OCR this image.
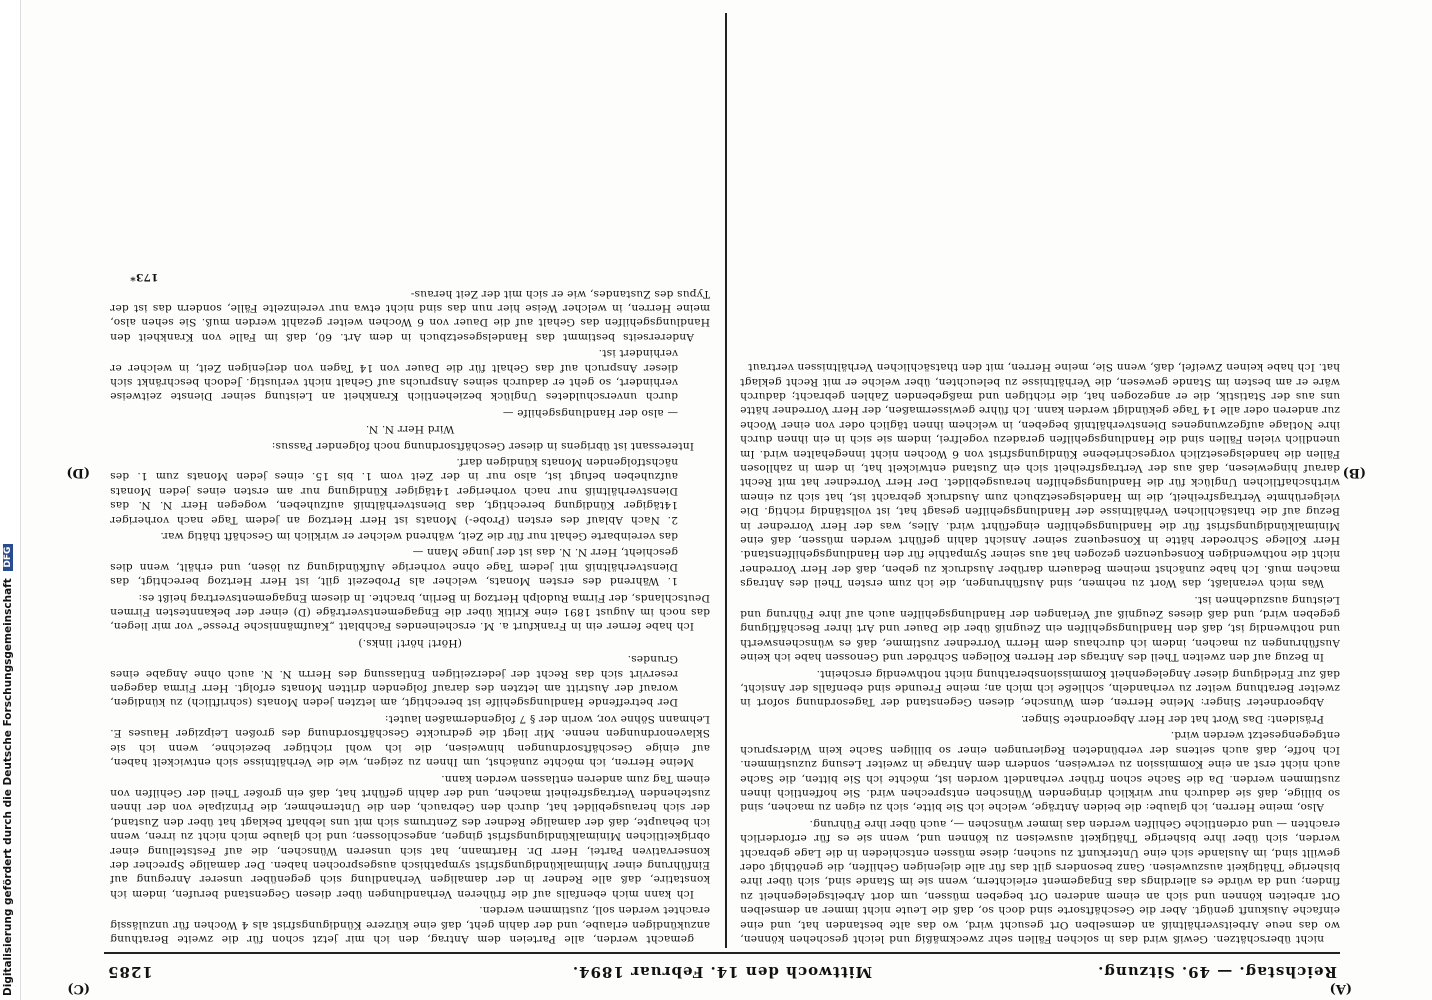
Digitalisierung gefördert durch die Deutsche Forschungsgemeinschaft DFG
Reichstag. — 49. Sitzung.
Mittwoch den 14. Februar 1894.
1285
(A)
(B)
(C)
(D)

nicht überschätzen. Gewiß wird das in solchen Fällen sehr zweckmäßig und leicht geschehen können, wo das neue Arbeitsverhältniß an demselben Ort gesucht wird, wo das alte bestanden hat, und eine einfache Auskunft genügt. Aber die Geschäftsorte sind doch so, daß die Leute nicht immer an demselben Ort arbeiten können und sich an einem anderen Ort begeben müssen, um dort Arbeitsgelegenheit zu finden; und da würde es allerdings das Engagement erleichtern, wenn sie im Stande sind, sich über ihre bisherige Thätigkeit auszuweisen. Ganz besonders gilt das für alle diejenigen Gehilfen, die genöthigt oder gewillt sind, im Auslande sich eine Unterkunft zu suchen; diese müssen entschieden in die Lage gebracht werden, sich über ihre bisherige Thätigkeit ausweisen zu können und, wenn sie es für erforderlich erachten — und ordentliche Gehilfen werden das immer wünschen —, auch über ihre Führung.

Also, meine Herren, ich glaube: die beiden Anträge, welche ich Sie bitte, sich zu eigen zu machen, sind so billige, daß sie dadurch nur wirklich dringenden Wünschen entsprechen wird. Sie hoffentlich ihnen zustimmen werden. Da die Sache schon früher verhandelt worden ist, möchte ich Sie bitten, die Sache auch nicht erst an eine Kommission zu verweisen, sondern dem Antrage in zweiter Lesung zuzustimmen. Ich hoffe, daß auch seitens der verbündeten Regierungen einer so billigen Sache kein Widerspruch entgegengesetzt werden wird.

Präsident: Das Wort hat der Herr Abgeordnete Singer.

Abgeordneter Singer: Meine Herren, dem Wunsche, diesen Gegenstand der Tagesordnung sofort in zweiter Berathung weiter zu verhandeln, schließe ich mich an; meine Freunde sind ebenfalls der Ansicht, daß zur Erledigung dieser Angelegenheit Kommissionsberathung nicht nothwendig erscheint.

In Bezug auf den zweiten Theil des Antrags der Herren Kollegen Schröder und Genossen habe ich keine Ausführungen zu machen, indem ich durchaus dem Herrn Vorredner zustimme, daß es wünschenswerth und nothwendig ist, daß den Handlungsgehilfen ein Zeugniß über die Dauer und Art ihrer Beschäftigung gegeben wird, und daß dieses Zeugniß auf Verlangen der Handlungsgehilfen auch auf ihre Führung und Leistung auszudehnen ist.

Was mich veranlaßt, das Wort zu nehmen, sind Ausführungen, die ich zum ersten Theil des Antrags machen muß. Ich habe zunächst meinem Bedauern darüber Ausdruck zu geben, daß der Herr Vorredner nicht die nothwendigen Konsequenzen gezogen hat aus seiner Sympathie für den Handlungsgehilfenstand. Herr Kollege Schroeder hätte in Konsequenz seiner Ansicht dahin geführt werden müssen, daß eine Minimalkündigungsfrist für die Handlungsgehilfen eingeführt wird. Alles, was der Herr Vorredner in Bezug auf die thatsächlichen Verhältnisse der Handlungsgehilfen gesagt hat, ist vollständig richtig. Die vielgerühmte Vertragsfreiheit, die im Handelsgesetzbuch zum Ausdruck gebracht ist, hat sich zu einem wirthschaftlichen Unglück für die Handlungsgehilfen herausgebildet. Der Herr Vorredner hat mit Recht darauf hingewiesen, daß aus der Vertragsfreiheit sich ein Zustand entwickelt hat, in dem in zahllosen Fällen die handelsgesetzlich vorgeschriebene Kündigungsfrist von 6 Wochen nicht innegehalten wird. Im unendlich vielen Fällen sind die Handlungsgehilfen geradezu vogelfrei, indem sie sich in ein ihnen durch ihre Notlage aufgezwungenes Dienstverhältniß begeben, in welchem ihnen täglich oder von einer Woche zur anderen oder alle 14 Tage gekündigt werden kann. Ich führe gewissermaßen, der Herr Vorredner hätte uns aus der Statistik, die er angezogen hat, die richtigen und maßgebenden Zahlen gebracht; dadurch wäre er am besten im Stande gewesen, die Verhältnisse zu beleuchten, über welche er mit Recht geklagt hat. Ich habe keinen Zweifel, daß, wenn Sie, meine Herren, mit den thatsächlichen Verhältnissen vertraut

gemacht werden, alle Parteien dem Antrag, den ich mir jetzt schon für die zweite Berathung anzukündigen erlaube, und der dahin geht, daß eine kürzere Kündigungsfrist als 4 Wochen für unzulässig erachtet werden soll, zustimmen werden.

Ich kann mich ebenfalls auf die früheren Verhandlungen über diesen Gegenstand berufen, indem ich konstatire, daß alle Redner in der damaligen Verhandlung sich gegenüber unserer Anregung auf Einführung einer Minimalkündigungsfrist sympathisch ausgesprochen haben. Der damalige Sprecher der konservativen Partei, Herr Dr. Hartmann, hat sich unseren Wünschen, die auf Feststellung einer obrigkeitlichen Minimalkündigungsfrist gingen, angeschlossen; und ich glaube mich nicht zu irren, wenn ich behaupte, daß der damalige Redner des Zentrums sich mit uns lebhaft beklagt hat über den Zustand, der sich herausgebildet hat, durch den Gebrauch, den die Unternehmer, die Prinzipale von der ihnen zustehenden Vertragsfreiheit machen, und der dahin geführt hat, daß ein großer Theil der Gehilfen von einem Tag zum anderen entlassen werden kann.

Meine Herren, ich möchte zunächst, um Ihnen zu zeigen, wie die Verhältnisse sich entwickelt haben, auf einige Geschäftsordnungen hinweisen, die ich wohl richtiger bezeichne, wenn ich sie Sklavenordnungen nenne. Mir liegt die gedruckte Geschäftsordnung des großen Leipziger Hauses E. Lehmann Söhne vor, worin der § 7 folgendermaßen lautet:

Der betreffende Handlungsgehilfe ist berechtigt, am letzten jeden Monats (schriftlich) zu kündigen, worauf der Austritt am letzten des darauf folgenden dritten Monats erfolgt. Herr Firma dagegen reservirt sich das Recht der jederzeitigen Entlassung des Herrn N. N. auch ohne Angabe eines Grundes.

(Hört! hört! links.)

Ich habe ferner ein in Frankfurt a. M. erscheinendes Fachblatt „Kaufmännische Presse“ vor mir liegen, das noch im August 1891 eine Kritik über die Engagementsverträge (D) einer der bekanntesten Firmen Deutschlands, der Firma Rudolph Hertzog in Berlin, brachte. In diesem Engagementsvertrag heißt es:

1. Während des ersten Monats, welcher als Probezeit gilt, ist Herr Hertzog berechtigt, das Dienstverhältniß mit jedem Tage ohne vorherige Aufkündigung zu lösen, und erhält, wenn dies geschieht, Herr N. N. das ist der junge Mann —

das vereinbarte Gehalt nur für die Zeit, während welcher er wirklich im Geschäft thätig war.

2. Nach Ablauf des ersten (Probe-) Monats ist Herr Hertzog an jedem Tage nach vorheriger 14tägiger Kündigung berechtigt, das Dienstverhältniß aufzuheben, wogegen Herr N. N. das Dienstverhältniß nur nach vorheriger 14tägiger Kündigung nur am ersten eines jeden Monats aufzuheben befugt ist, also nur in der Zeit vom 1. bis 15. eines jeden Monats zum 1. des nächstfolgenden Monats kündigen darf.

Interessant ist übrigens in dieser Geschäftsordnung noch folgender Passus:

Wird Herr N. N.

— also der Handlungsgehilfe —

durch unverschuldetes Unglück beziehentlich Krankheit an Leistung seiner Dienste zeitweise verhindert, so geht er dadurch seines Anspruchs auf Gehalt nicht verlustig. Jedoch beschränkt sich dieser Anspruch auf das Gehalt für die Dauer von 14 Tagen von derjenigen Zeit, in welcher er verhindert ist.

Andererseits bestimmt das Handelsgesetzbuch in dem Art. 60, daß im Falle von Krankheit den Handlungsgehilfen das Gehalt auf die Dauer von 6 Wochen weiter gezahlt werden muß. Sie sehen also, meine Herren, in welcher Weise hier nun das sind nicht etwa nur vereinzelte Fälle, sondern das ist der Typus des Zustandes, wie er sich mit der Zeit heraus-

173*
